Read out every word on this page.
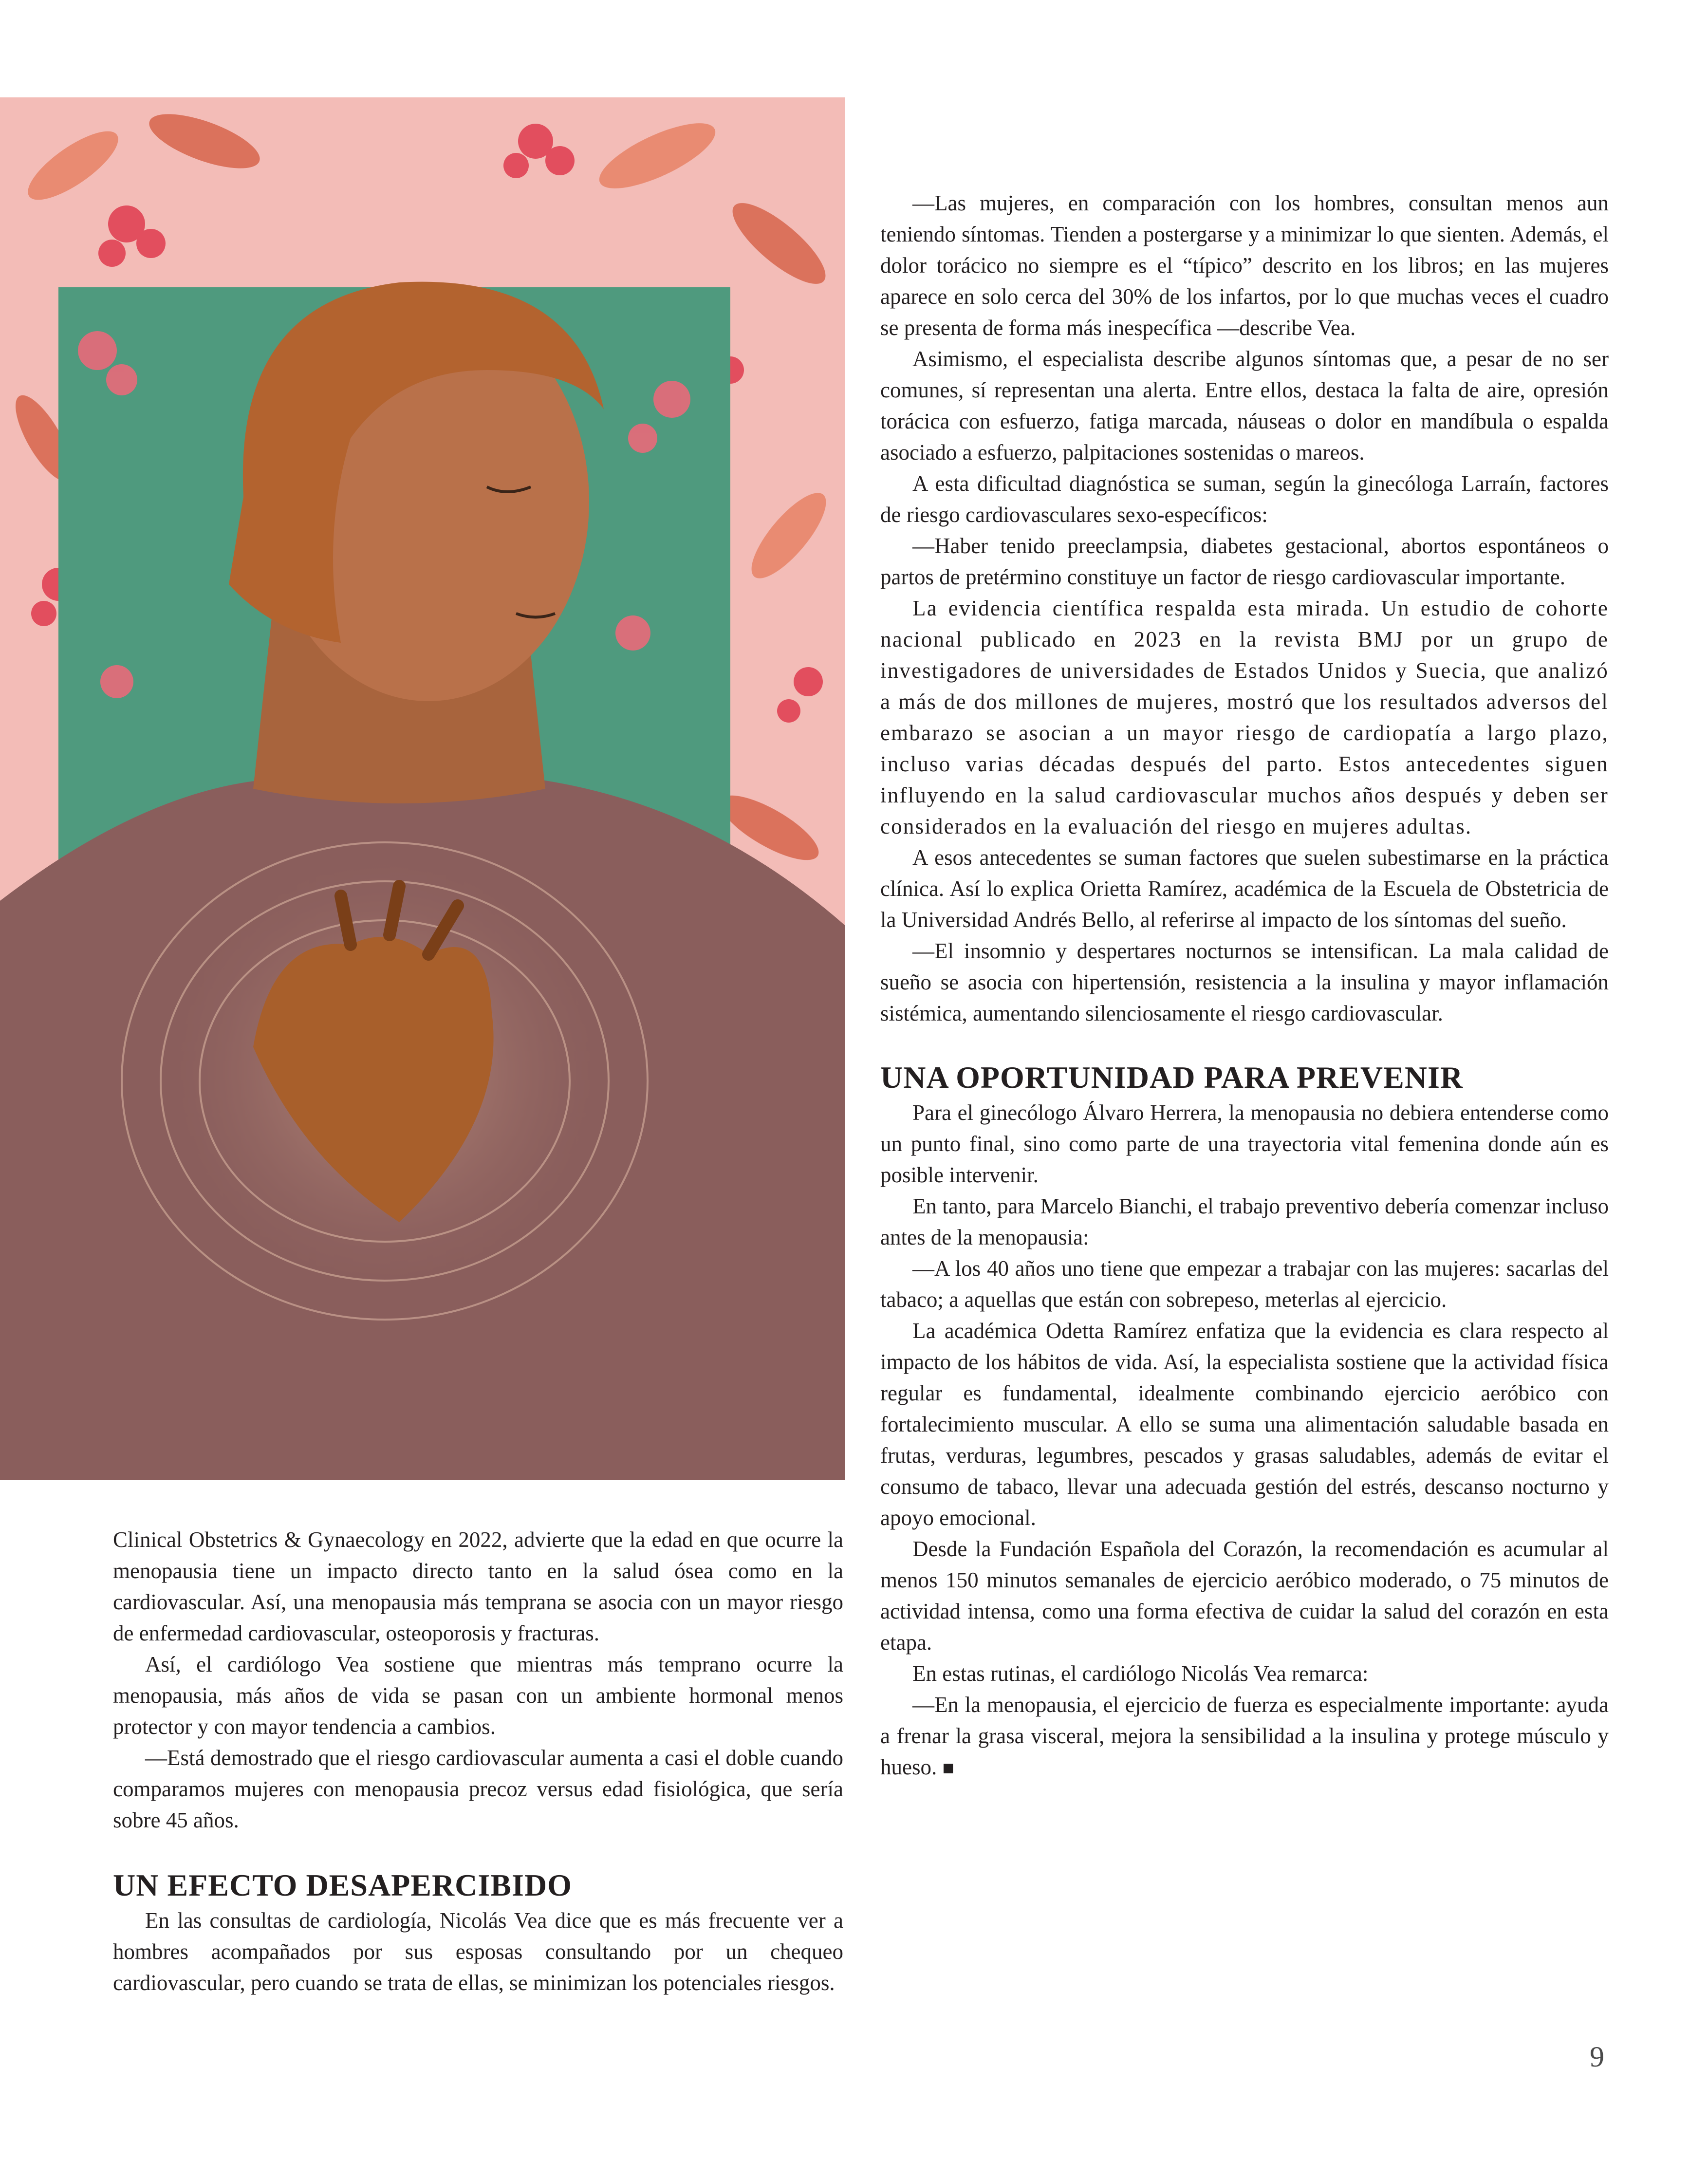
Clinical Obstetrics & Gynaecology en 2022, advierte que la edad en que ocurre la menopausia tiene un impacto directo tanto en la salud ósea como en la cardiovascular. Así, una menopausia más temprana se asocia con un mayor riesgo de enfermedad cardiovascular, osteoporosis y fracturas.

Así, el cardiólogo Vea sostiene que mientras más temprano ocurre la menopausia, más años de vida se pasan con un ambiente hormonal menos protector y con mayor tendencia a cambios.

—Está demostrado que el riesgo cardiovascular aumenta a casi el doble cuando comparamos mujeres con menopausia precoz versus edad fisiológica, que sería sobre 45 años.

UN EFECTO DESAPERCIBIDO

En las consultas de cardiología, Nicolás Vea dice que es más frecuente ver a hombres acompañados por sus esposas consultando por un chequeo cardiovascular, pero cuando se trata de ellas, se minimizan los potenciales riesgos.

—Las mujeres, en comparación con los hombres, consultan menos aun teniendo síntomas. Tienden a postergarse y a minimizar lo que sienten. Además, el dolor torácico no siempre es el “típico” descrito en los libros; en las mujeres aparece en solo cerca del 30% de los infartos, por lo que muchas veces el cuadro se presenta de forma más inespecífica —describe Vea.

Asimismo, el especialista describe algunos síntomas que, a pesar de no ser comunes, sí representan una alerta. Entre ellos, destaca la falta de aire, opresión torácica con esfuerzo, fatiga marcada, náuseas o dolor en mandíbula o espalda asociado a esfuerzo, palpitaciones sostenidas o mareos.

A esta dificultad diagnóstica se suman, según la ginecóloga Larraín, factores de riesgo cardiovasculares sexo-específicos:

—Haber tenido preeclampsia, diabetes gestacional, abortos espontáneos o partos de pretérmino constituye un factor de riesgo cardiovascular importante.

La evidencia científica respalda esta mirada. Un estudio de cohorte nacional publicado en 2023 en la revista BMJ por un grupo de investigadores de universidades de Estados Unidos y Suecia, que analizó a más de dos millones de mujeres, mostró que los resultados adversos del embarazo se asocian a un mayor riesgo de cardiopatía a largo plazo, incluso varias décadas después del parto. Estos antecedentes siguen influyendo en la salud cardiovascular muchos años después y deben ser considerados en la evaluación del riesgo en mujeres adultas.

A esos antecedentes se suman factores que suelen subestimarse en la práctica clínica. Así lo explica Orietta Ramírez, académica de la Escuela de Obstetricia de la Universidad Andrés Bello, al referirse al impacto de los síntomas del sueño.

—El insomnio y despertares nocturnos se intensifican. La mala calidad de sueño se asocia con hipertensión, resistencia a la insulina y mayor inflamación sistémica, aumentando silenciosamente el riesgo cardiovascular.

UNA OPORTUNIDAD PARA PREVENIR

Para el ginecólogo Álvaro Herrera, la menopausia no debiera entenderse como un punto final, sino como parte de una trayectoria vital femenina donde aún es posible intervenir.

En tanto, para Marcelo Bianchi, el trabajo preventivo debería comenzar incluso antes de la menopausia:

—A los 40 años uno tiene que empezar a trabajar con las mujeres: sacarlas del tabaco; a aquellas que están con sobrepeso, meterlas al ejercicio.

La académica Odetta Ramírez enfatiza que la evidencia es clara respecto al impacto de los hábitos de vida. Así, la especialista sostiene que la actividad física regular es fundamental, idealmente combinando ejercicio aeróbico con fortalecimiento muscular. A ello se suma una alimentación saludable basada en frutas, verduras, legumbres, pescados y grasas saludables, además de evitar el consumo de tabaco, llevar una adecuada gestión del estrés, descanso nocturno y apoyo emocional.

Desde la Fundación Española del Corazón, la recomendación es acumular al menos 150 minutos semanales de ejercicio aeróbico moderado, o 75 minutos de actividad intensa, como una forma efectiva de cuidar la salud del corazón en esta etapa.

En estas rutinas, el cardiólogo Nicolás Vea remarca:

—En la menopausia, el ejercicio de fuerza es especialmente importante: ayuda a frenar la grasa visceral, mejora la sensibilidad a la insulina y protege músculo y hueso. ■

9
